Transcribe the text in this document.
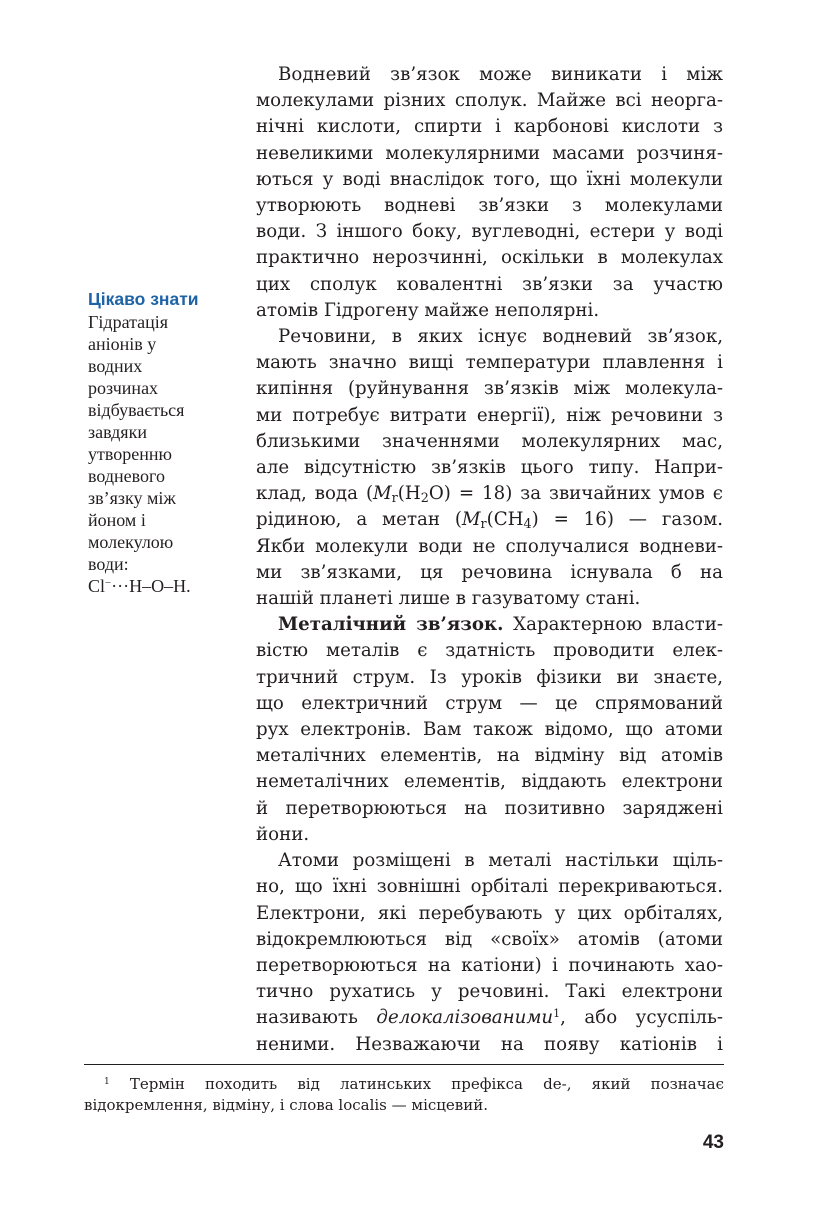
Цікаво знати
Гідратація
аніонів у
водних
розчинах
відбувається
завдяки
утворенню
водневого
зв’язку між
йоном і
молекулою
води:
Cl−···H–O–H.
Водневий зв’язок може виникати і між
молекулами різних сполук. Майже всі неорга-
нічні кислоти, спирти і карбонові кислоти з
невеликими молекулярними масами розчиня-
ються у воді внаслідок того, що їхні молекули
утворюють водневі зв’язки з молекулами
води. З іншого боку, вуглеводні, естери у воді
практично нерозчинні, оскільки в молекулах
цих сполук ковалентні зв’язки за участю
атомів Гідрогену майже неполярні.
Речовини, в яких існує водневий зв’язок,
мають значно вищі температури плавлення і
кипіння (руйнування зв’язків між молекула-
ми потребує витрати енергії), ніж речовини з
близькими значеннями молекулярних мас,
але відсутністю зв’язків цього типу. Напри-
клад, вода $(M_r(H_2O) = 18)$ за звичайних умов є
рідиною, а метан $(M_r(CH_4) = 16)$ — газом.
Якби молекули води не сполучалися водневи-
ми зв’язками, ця речовина існувала б на
нашій планеті лише в газуватому стані.
Металічний зв’язок. Характерною власти-
вістю металів є здатність проводити елек-
тричний струм. Із уроків фізики ви знаєте,
що електричний струм — це спрямований
рух електронів. Вам також відомо, що атоми
металічних елементів, на відміну від атомів
неметалічних елементів, віддають електрони
й перетворюються на позитивно заряджені
йони.
Атоми розміщені в металі настільки щіль-
но, що їхні зовнішні орбіталі перекриваються.
Електрони, які перебувають у цих орбіталях,
відокремлюються від «своїх» атомів (атоми
перетворюються на катіони) і починають хао-
тично рухатись у речовині. Такі електрони
називають делокалізованими$^1$, або усуспіль-
неними. Незважаючи на появу катіонів і
$^1$ Термін походить від латинських префікса de-, який позначає
відокремлення, відміну, і слова localis — місцевий.
43
